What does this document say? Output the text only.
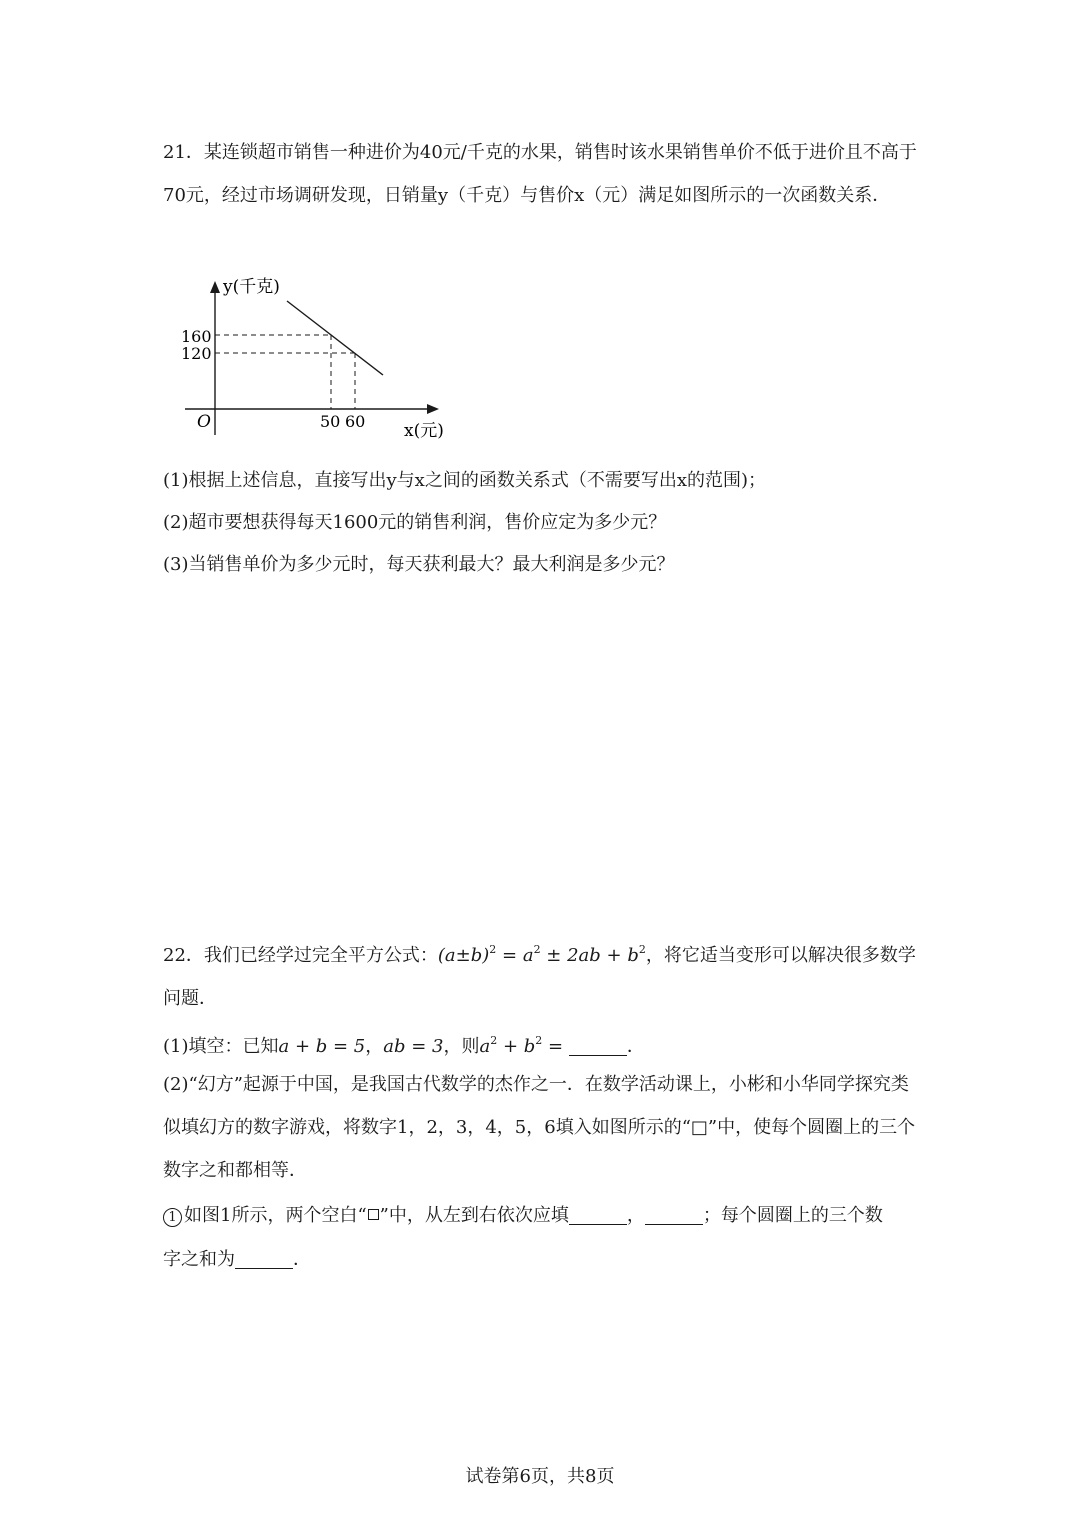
21．某连锁超市销售一种进价为40元/千克的水果，销售时该水果销售单价不低于进价且不高于70元，经过市场调研发现，日销量y（千克）与售价x（元）满足如图所示的一次函数关系．

y(千克)
160
120
O	50 60 x(元)

(1)根据上述信息，直接写出y与x之间的函数关系式（不需要写出x的范围)；

(2)超市要想获得每天1600元的销售利润，售价应定为多少元？

(3)当销售单价为多少元时，每天获利最大？最大利润是多少元？

22．我们已经学过完全平方公式：$(a\pm b)^2 = a^2 \pm 2ab + b^2$，将它适当变形可以解决很多数学问题．

(1)填空：已知a + b = 5，ab = 3，则$a^2 + b^2$ =	．

(2)“幻方”起源于中国，是我国古代数学的杰作之一．在数学活动课上，小彬和小华同学探究类似填幻方的数字游戏，将数字1，2，3，4，5，6填入如图所示的“□”中，使每个圆圈上的三个数字之和都相等．

1 如图1所示，两个空白“ ”中，从左到右依次应填	，	；每个圆圈上的三个数

字之和为	．

试卷第6页，共8页
